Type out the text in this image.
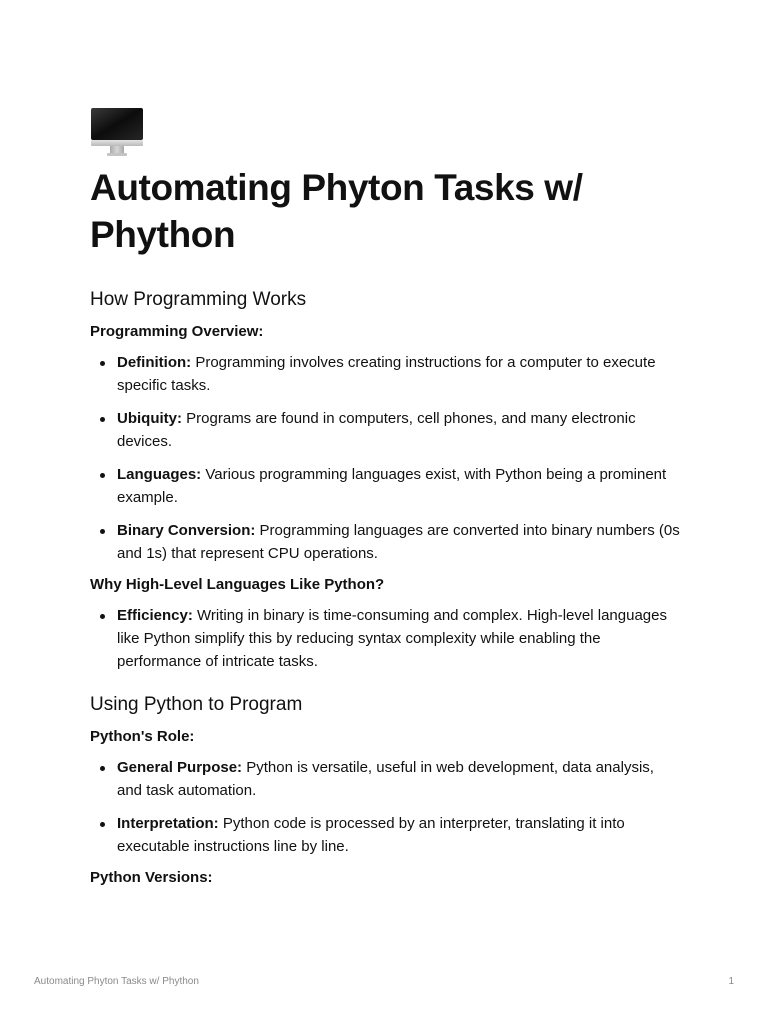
Automating Phyton Tasks w/ Phython
How Programming Works
Programming Overview:
Definition: Programming involves creating instructions for a computer to execute specific tasks.
Ubiquity: Programs are found in computers, cell phones, and many electronic devices.
Languages: Various programming languages exist, with Python being a prominent example.
Binary Conversion: Programming languages are converted into binary numbers (0s and 1s) that represent CPU operations.
Why High-Level Languages Like Python?
Efficiency: Writing in binary is time-consuming and complex. High-level languages like Python simplify this by reducing syntax complexity while enabling the performance of intricate tasks.
Using Python to Program
Python's Role:
General Purpose: Python is versatile, useful in web development, data analysis, and task automation.
Interpretation: Python code is processed by an interpreter, translating it into executable instructions line by line.
Python Versions:
Automating Phyton Tasks w/ Phython	1
